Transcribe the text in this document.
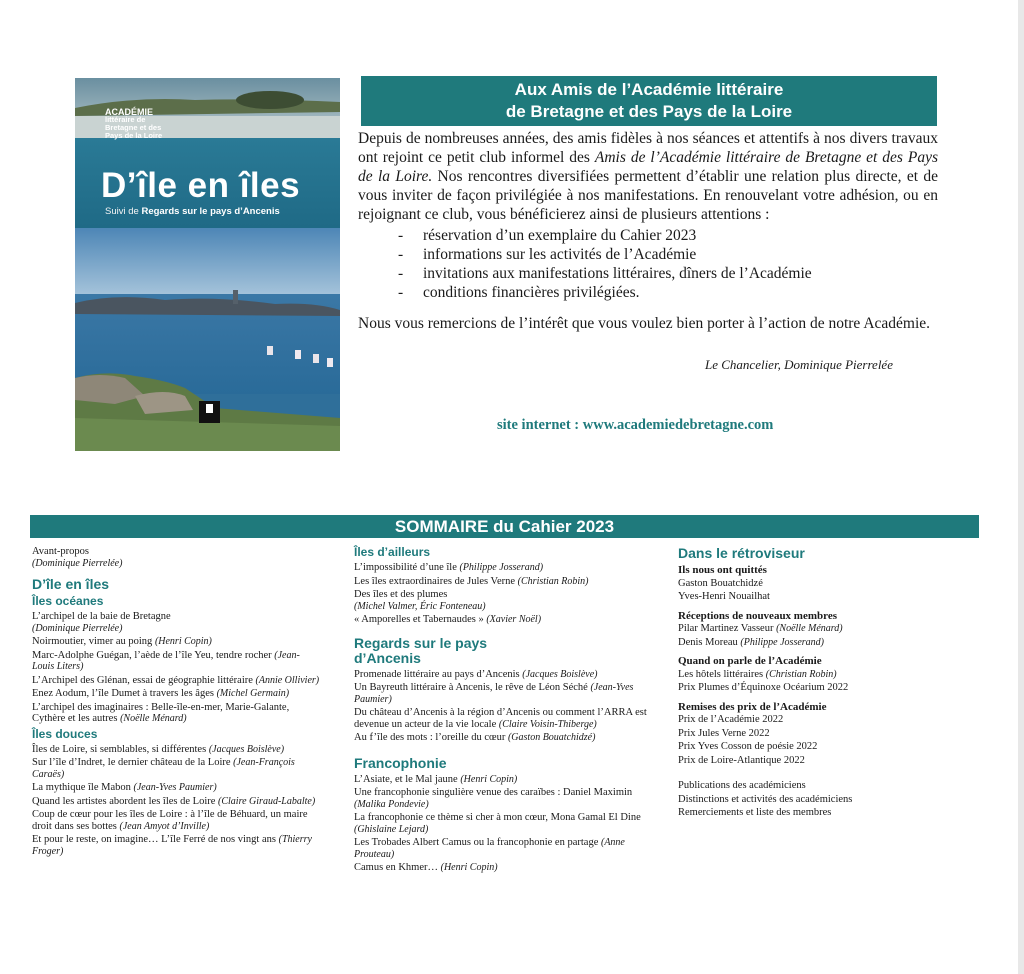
ACADÉMIE
littéraire de
Bretagne et des
Pays de la Loire
D’île en îles
Suivi de Regards sur le pays d’Ancenis
Aux Amis de l’Académie littéraire
de Bretagne et des Pays de la Loire

Depuis de nombreuses années, des amis fidèles à nos séances et attentifs à nos divers travaux ont rejoint ce petit club informel des Amis de l’Académie littéraire de Bretagne et des Pays de la Loire. Nos rencontres diversifiées permettent d’établir une relation plus directe, et de vous inviter de façon privilégiée à nos manifestations. En renouvelant votre adhésion, ou en rejoignant ce club, vous bénéficierez ainsi de plusieurs attentions :

- réservation d’un exemplaire du Cahier 2023
- informations sur les activités de l’Académie
- invitations aux manifestations littéraires, dîners de l’Académie
- conditions financières privilégiées.

Nous vous remercions de l’intérêt que vous voulez bien porter à l’action de notre Académie.

Le Chancelier, Dominique Pierrelée
site internet : www.academiedebretagne.com
SOMMAIRE du Cahier 2023
Avant-propos
(Dominique Pierrelée)
D’île en îles
Îles océanes
L’archipel de la baie de Bretagne
(Dominique Pierrelée)
Noirmoutier, vimer au poing (Henri Copin)
Marc-Adolphe Guégan, l’aède de l’île Yeu, tendre rocher (Jean-Louis Liters)
L’Archipel des Glénan, essai de géographie littéraire (Annie Ollivier)
Enez Aodum, l’île Dumet à travers les âges (Michel Germain)
L’archipel des imaginaires : Belle-île-en-mer, Marie-Galante, Cythère et les autres (Noëlle Ménard)
Îles douces
Îles de Loire, si semblables, si différentes (Jacques Boislève)
Sur l’île d’Indret, le dernier château de la Loire (Jean-François Caraës)
La mythique île Mabon (Jean-Yves Paumier)
Quand les artistes abordent les îles de Loire (Claire Giraud-Labalte)
Coup de cœur pour les îles de Loire : à l’île de Béhuard, un maire droit dans ses bottes (Jean Amyot d’Inville)
Et pour le reste, on imagine… L’île Ferré de nos vingt ans (Thierry Froger)
Îles d’ailleurs
L’impossibilité d’une île (Philippe Josserand)
Les îles extraordinaires de Jules Verne (Christian Robin)
Des îles et des plumes
(Michel Valmer, Éric Fonteneau)
« Amporelles et Tabernaudes » (Xavier Noël)
Regards sur le pays
d’Ancenis
Promenade littéraire au pays d’Ancenis (Jacques Boislève)
Un Bayreuth littéraire à Ancenis, le rêve de Léon Séché (Jean-Yves Paumier)
Du château d’Ancenis à la région d’Ancenis ou comment l’ARRA est devenue un acteur de la vie locale (Claire Voisin-Thiberge)
Au f’île des mots : l’oreille du cœur (Gaston Bouatchidzé)
Francophonie
L’Asiate, et le Mal jaune (Henri Copin)
Une francophonie singulière venue des caraïbes : Daniel Maximin (Malika Pondevie)
La francophonie ce thème si cher à mon cœur, Mona Gamal El Dine (Ghislaine Lejard)
Les Trobades Albert Camus ou la francophonie en partage (Anne Prouteau)
Camus en Khmer… (Henri Copin)
Dans le rétroviseur
Ils nous ont quittés
Gaston Bouatchidzé
Yves-Henri Nouailhat
Réceptions de nouveaux membres
Pilar Martinez Vasseur (Noëlle Ménard)
Denis Moreau (Philippe Josserand)
Quand on parle de l’Académie
Les hôtels littéraires (Christian Robin)
Prix Plumes d’Équinoxe Océarium 2022
Remises des prix de l’Académie
Prix de l’Académie 2022
Prix Jules Verne 2022
Prix Yves Cosson de poésie 2022
Prix de Loire-Atlantique 2022
Publications des académiciens
Distinctions et activités des académiciens
Remerciements et liste des membres
